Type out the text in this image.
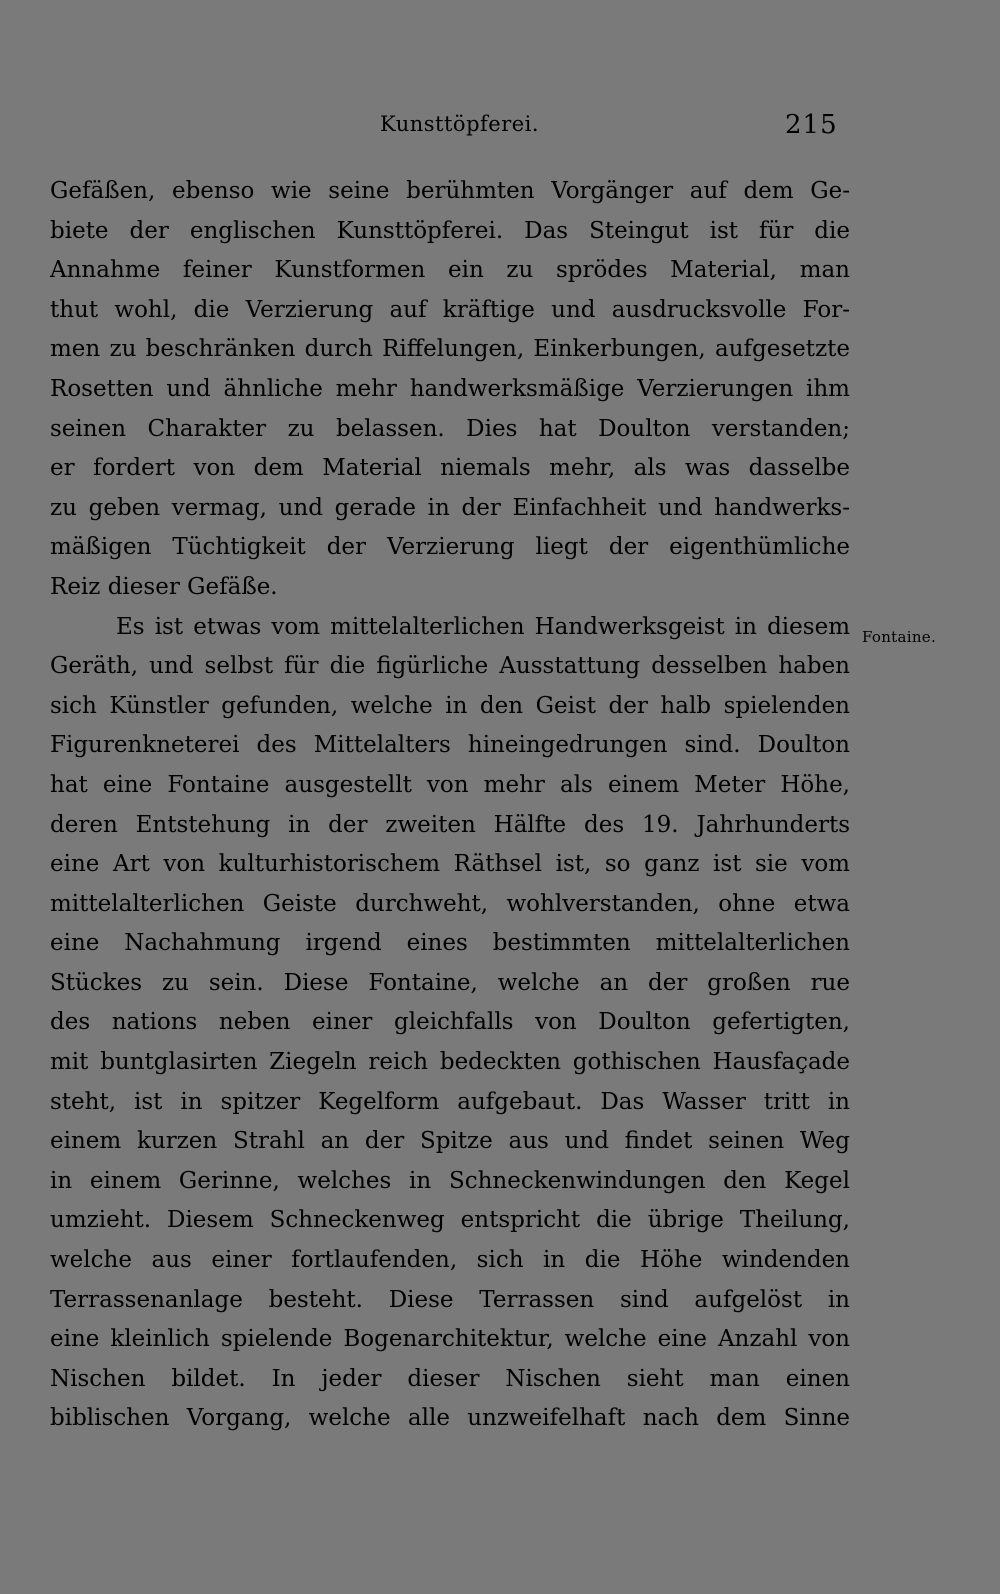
Kunsttöpferei.	215
Gefäßen, ebenso wie seine berühmten Vorgänger auf dem Ge-
biete der englischen Kunsttöpferei. Das Steingut ist für die
Annahme feiner Kunstformen ein zu sprödes Material, man
thut wohl, die Verzierung auf kräftige und ausdrucksvolle For-
men zu beschränken durch Riffelungen, Einkerbungen, aufgesetzte
Rosetten und ähnliche mehr handwerksmäßige Verzierungen ihm
seinen Charakter zu belassen. Dies hat Doulton verstanden;
er fordert von dem Material niemals mehr, als was dasselbe
zu geben vermag, und gerade in der Einfachheit und handwerks-
mäßigen Tüchtigkeit der Verzierung liegt der eigenthümliche
Reiz dieser Gefäße.
Es ist etwas vom mittelalterlichen Handwerksgeist in diesem
Geräth, und selbst für die figürliche Ausstattung desselben haben
sich Künstler gefunden, welche in den Geist der halb spielenden
Figurenkneterei des Mittelalters hineingedrungen sind. Doulton
hat eine Fontaine ausgestellt von mehr als einem Meter Höhe,
deren Entstehung in der zweiten Hälfte des 19. Jahrhunderts
eine Art von kulturhistorischem Räthsel ist, so ganz ist sie vom
mittelalterlichen Geiste durchweht, wohlverstanden, ohne etwa
eine Nachahmung irgend eines bestimmten mittelalterlichen
Stückes zu sein. Diese Fontaine, welche an der großen rue
des nations neben einer gleichfalls von Doulton gefertigten,
mit buntglasirten Ziegeln reich bedeckten gothischen Hausfaçade
steht, ist in spitzer Kegelform aufgebaut. Das Wasser tritt in
einem kurzen Strahl an der Spitze aus und findet seinen Weg
in einem Gerinne, welches in Schneckenwindungen den Kegel
umzieht. Diesem Schneckenweg entspricht die übrige Theilung,
welche aus einer fortlaufenden, sich in die Höhe windenden
Terrassenanlage besteht. Diese Terrassen sind aufgelöst in
eine kleinlich spielende Bogenarchitektur, welche eine Anzahl von
Nischen bildet. In jeder dieser Nischen sieht man einen
biblischen Vorgang, welche alle unzweifelhaft nach dem Sinne
Fontaine.
